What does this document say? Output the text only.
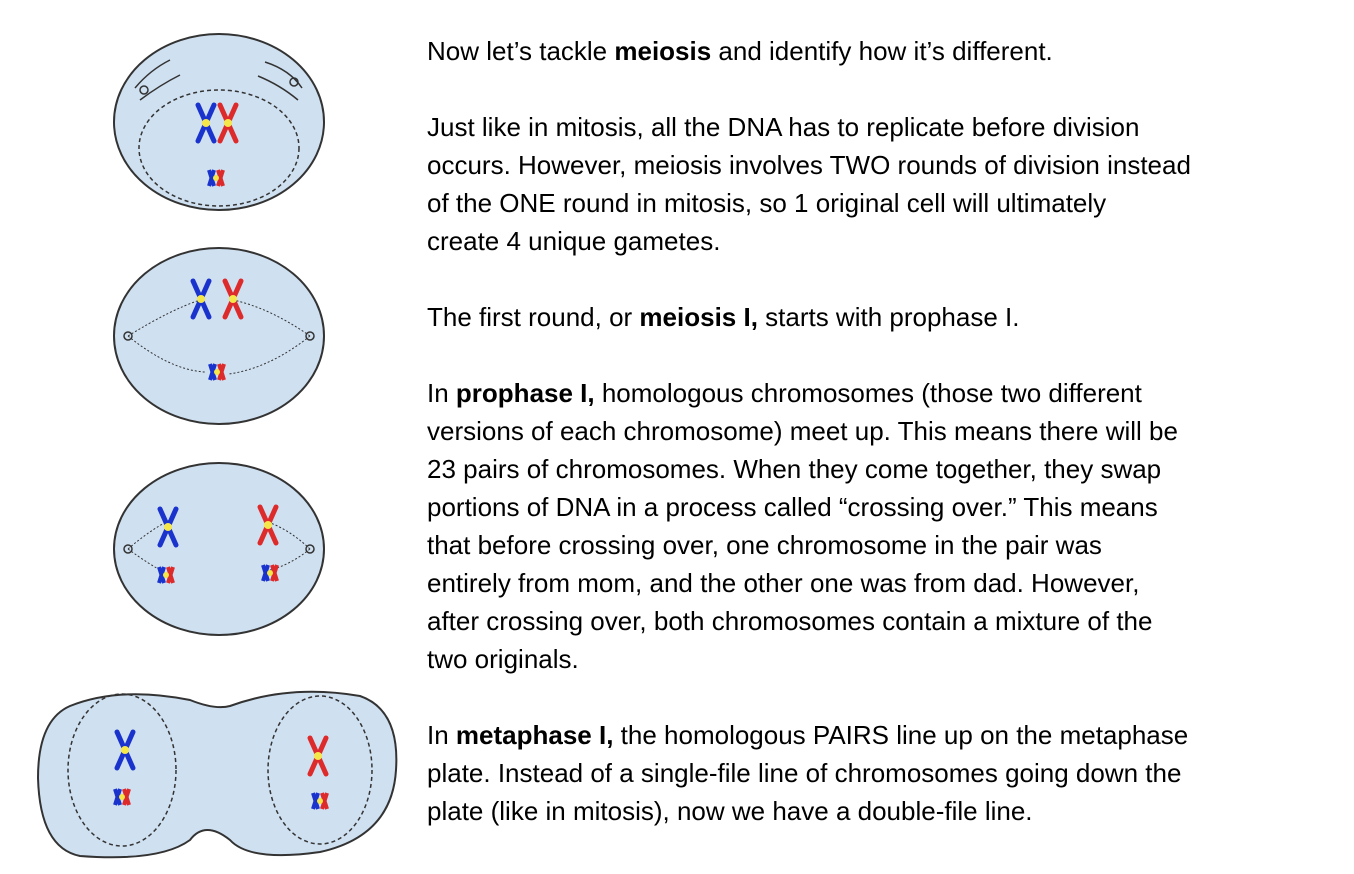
Now let’s tackle meiosis and identify how it’s different.

Just like in mitosis, all the DNA has to replicate before division
occurs. However, meiosis involves TWO rounds of division instead
of the ONE round in mitosis, so 1 original cell will ultimately
create 4 unique gametes.

The first round, or meiosis I, starts with prophase I.

In prophase I, homologous chromosomes (those two different
versions of each chromosome) meet up. This means there will be
23 pairs of chromosomes. When they come together, they swap
portions of DNA in a process called “crossing over.” This means
that before crossing over, one chromosome in the pair was
entirely from mom, and the other one was from dad. However,
after crossing over, both chromosomes contain a mixture of the
two originals.

In metaphase I, the homologous PAIRS line up on the metaphase
plate. Instead of a single-file line of chromosomes going down the
plate (like in mitosis), now we have a double-file line.
